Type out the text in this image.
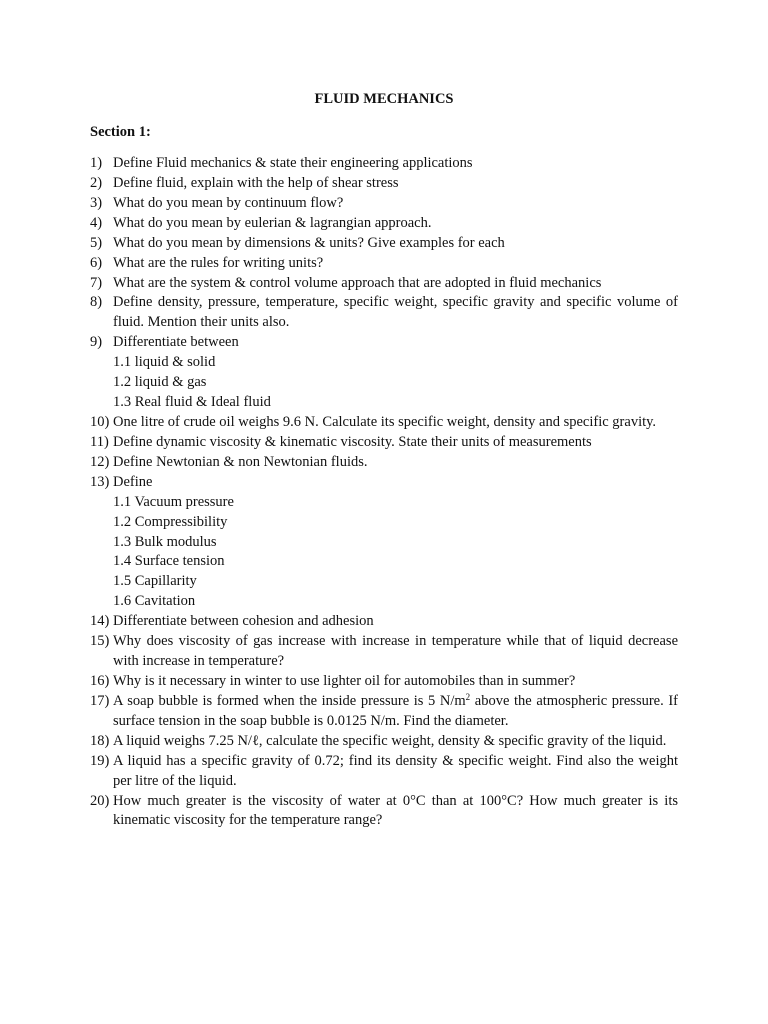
FLUID MECHANICS
Section 1:
1) Define Fluid mechanics & state their engineering applications
2) Define fluid, explain with the help of shear stress
3) What do you mean by continuum flow?
4) What do you mean by eulerian & lagrangian approach.
5) What do you mean by dimensions & units? Give examples for each
6) What are the rules for writing units?
7) What are the system & control volume approach that are adopted in fluid mechanics
8) Define density, pressure, temperature, specific weight, specific gravity and specific volume of fluid. Mention their units also.
9) Differentiate between
1.1 liquid & solid
1.2 liquid & gas
1.3 Real fluid & Ideal fluid
10) One litre of crude oil weighs 9.6 N. Calculate its specific weight, density and specific gravity.
11) Define dynamic viscosity & kinematic viscosity. State their units of measurements
12) Define Newtonian & non Newtonian fluids.
13) Define
1.1 Vacuum pressure
1.2 Compressibility
1.3 Bulk modulus
1.4 Surface tension
1.5 Capillarity
1.6 Cavitation
14) Differentiate between cohesion and adhesion
15) Why does viscosity of gas increase with increase in temperature while that of liquid decrease with increase in temperature?
16) Why is it necessary in winter to use lighter oil for automobiles than in summer?
17) A soap bubble is formed when the inside pressure is 5 $N/m^2$ above the atmospheric pressure. If surface tension in the soap bubble is 0.0125 N/m. Find the diameter.
18) A liquid weighs 7.25 N/ℓ, calculate the specific weight, density & specific gravity of the liquid.
19) A liquid has a specific gravity of 0.72; find its density & specific weight. Find also the weight per litre of the liquid.
20) How much greater is the viscosity of water at 0°C than at 100°C? How much greater is its kinematic viscosity for the temperature range?
